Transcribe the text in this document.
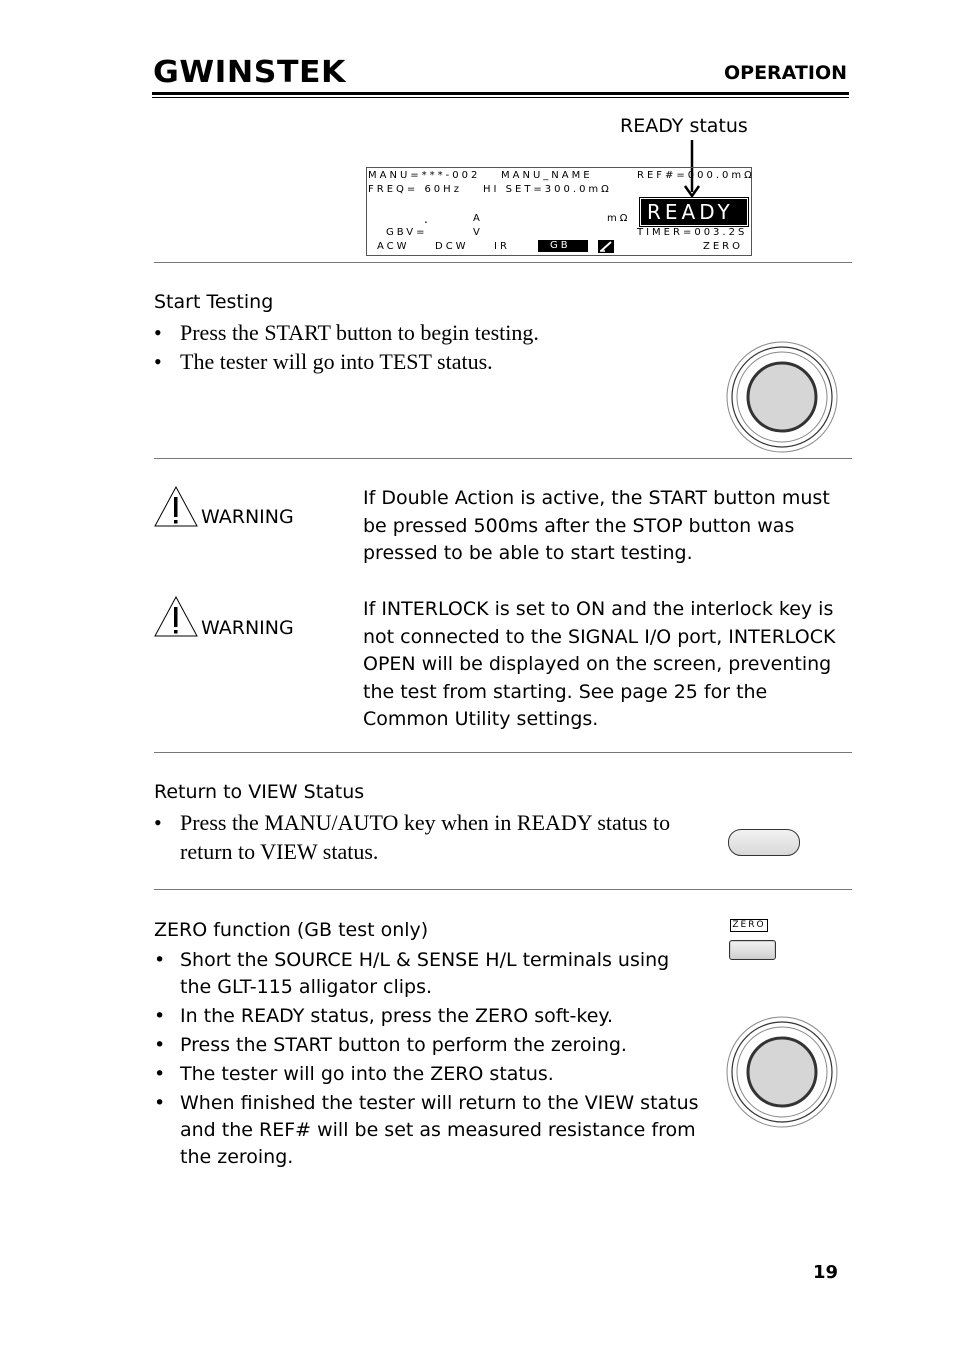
GWINSTEK	OPERATION
READY status
MANU=***-002 MANU_NAME	REF#=000.0mΩ
FREQ= 60Hz HI SET=300.0mΩ
.	A	mΩ
GBV=	V	TIMER=003.2S
ACW	DCW	IR	ZERO
GB
READY
Start Testing
• Press the START button to begin testing.
• The tester will go into TEST status.
WARNING
If Double Action is active, the START button must be pressed 500ms after the STOP button was pressed to be able to start testing.
WARNING
If INTERLOCK is set to ON and the interlock key is not connected to the SIGNAL I/O port, INTERLOCK OPEN will be displayed on the screen, preventing the test from starting. See page 25 for the Common Utility settings.
Return to VIEW Status
• Press the MANU/AUTO key when in READY status to return to VIEW status.
ZERO function (GB test only)
• Short the SOURCE H/L & SENSE H/L terminals using the GLT-115 alligator clips.
• In the READY status, press the ZERO soft-key.
• Press the START button to perform the zeroing.
• The tester will go into the ZERO status.
• When finished the tester will return to the VIEW status and the REF# will be set as measured resistance from the zeroing.
ZERO
19
